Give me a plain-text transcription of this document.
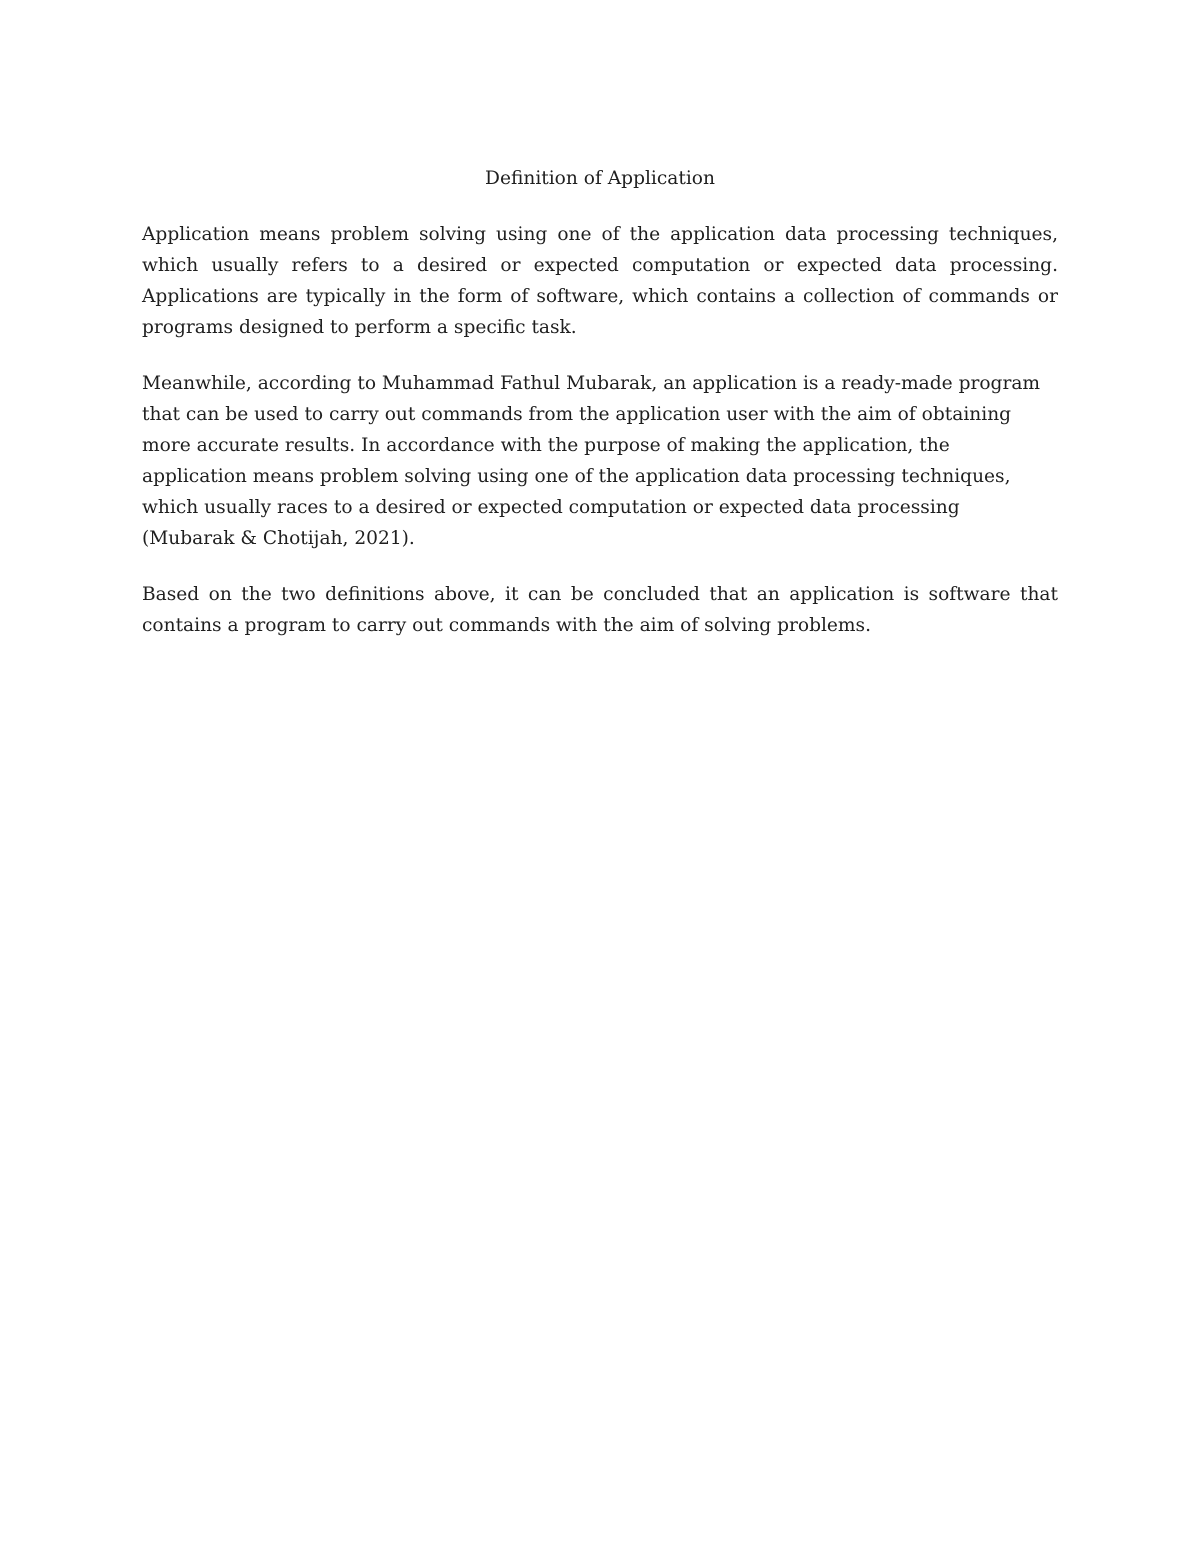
Definition of Application

Application means problem solving using one of the application data processing techniques, which usually refers to a desired or expected computation or expected data processing. Applications are typically in the form of software, which contains a collection of commands or programs designed to perform a specific task.

Meanwhile, according to Muhammad Fathul Mubarak, an application is a ready-made program that can be used to carry out commands from the application user with the aim of obtaining more accurate results. In accordance with the purpose of making the application, the application means problem solving using one of the application data processing techniques, which usually races to a desired or expected computation or expected data processing (Mubarak & Chotijah, 2021).

Based on the two definitions above, it can be concluded that an application is software that contains a program to carry out commands with the aim of solving problems.
